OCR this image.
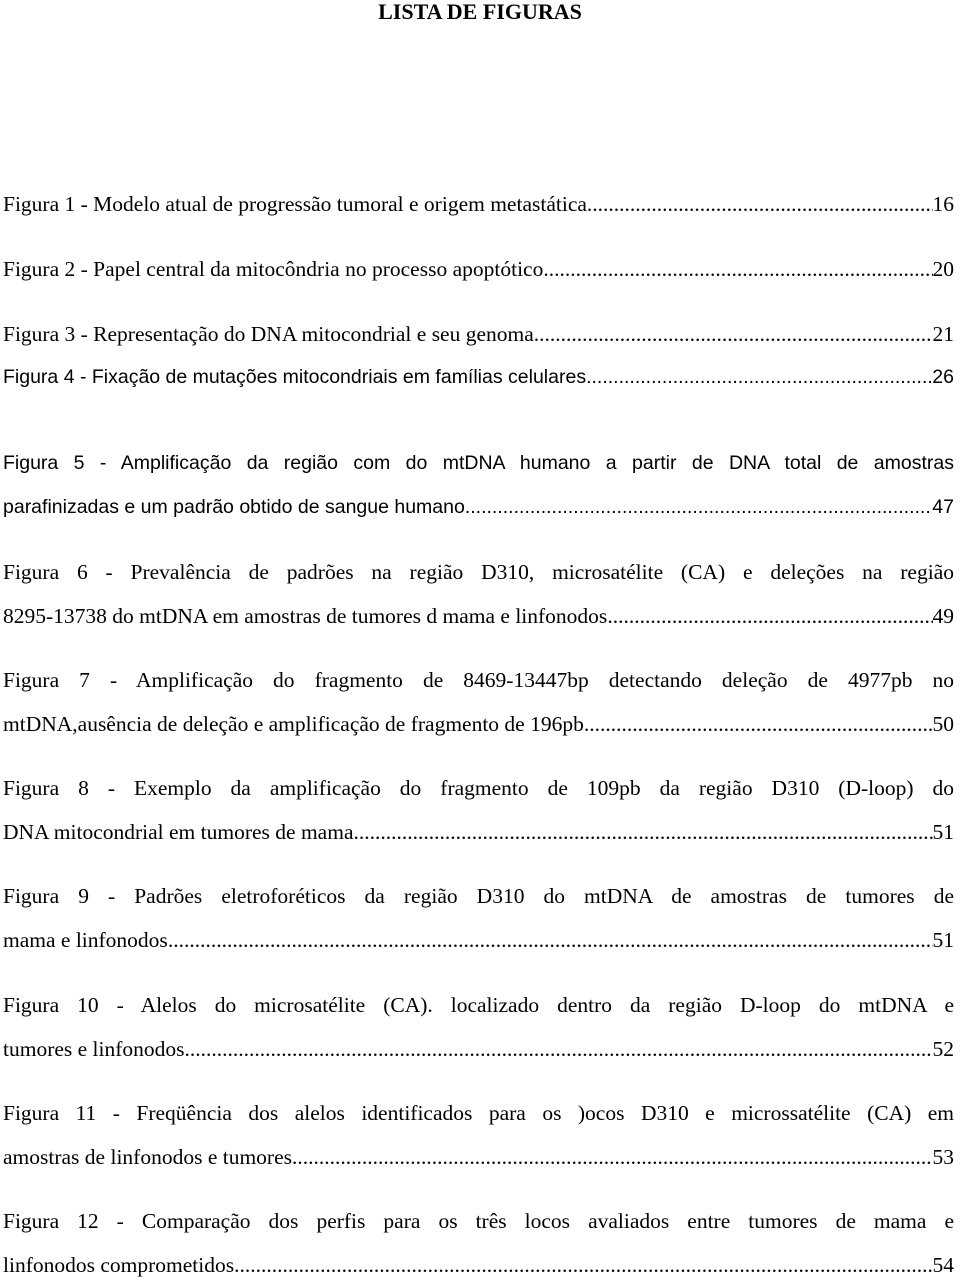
LISTA DE FIGURAS
Figura 1 - Modelo atual de progressão tumoral e origem metastática .....	16
Figura 2 - Papel central da mitocôndria no processo apoptótico .....	20
Figura 3 - Representação do DNA mitocondrial e seu genoma .....	21
Figura 4 - Fixação de mutações mitocondriais em famílias celulares .....	26
Figura 5 - Amplificação da região com do mtDNA humano a partir de DNA total de amostras
parafinizadas e um padrão obtido de sangue humano .....	47
Figura 6 - Prevalência de padrões na região D310, microsatélite (CA) e deleções na região
8295-13738 do mtDNA em amostras de tumores d mama e linfonodos .....	49
Figura 7 - Amplificação do fragmento de 8469-13447bp detectando deleção de 4977pb no
mtDNA,ausência de deleção e amplificação de fragmento de 196pb .....	50
Figura 8 - Exemplo da amplificação do fragmento de 109pb da região D310 (D-loop) do
DNA mitocondrial em tumores de mama .....	51
Figura 9 - Padrões eletroforéticos da região D310 do mtDNA de amostras de tumores de
mama e linfonodos .....	51
Figura 10 - Alelos do microsatélite (CA). localizado dentro da região D-loop do mtDNA e
tumores e linfonodos .....	52
Figura 11 - Freqüência dos alelos identificados para os )ocos D310 e microssatélite (CA) em
amostras de linfonodos e tumores .....	53
Figura 12 - Comparação dos perfis para os três locos avaliados entre tumores de mama e
linfonodos comprometidos .....	54
